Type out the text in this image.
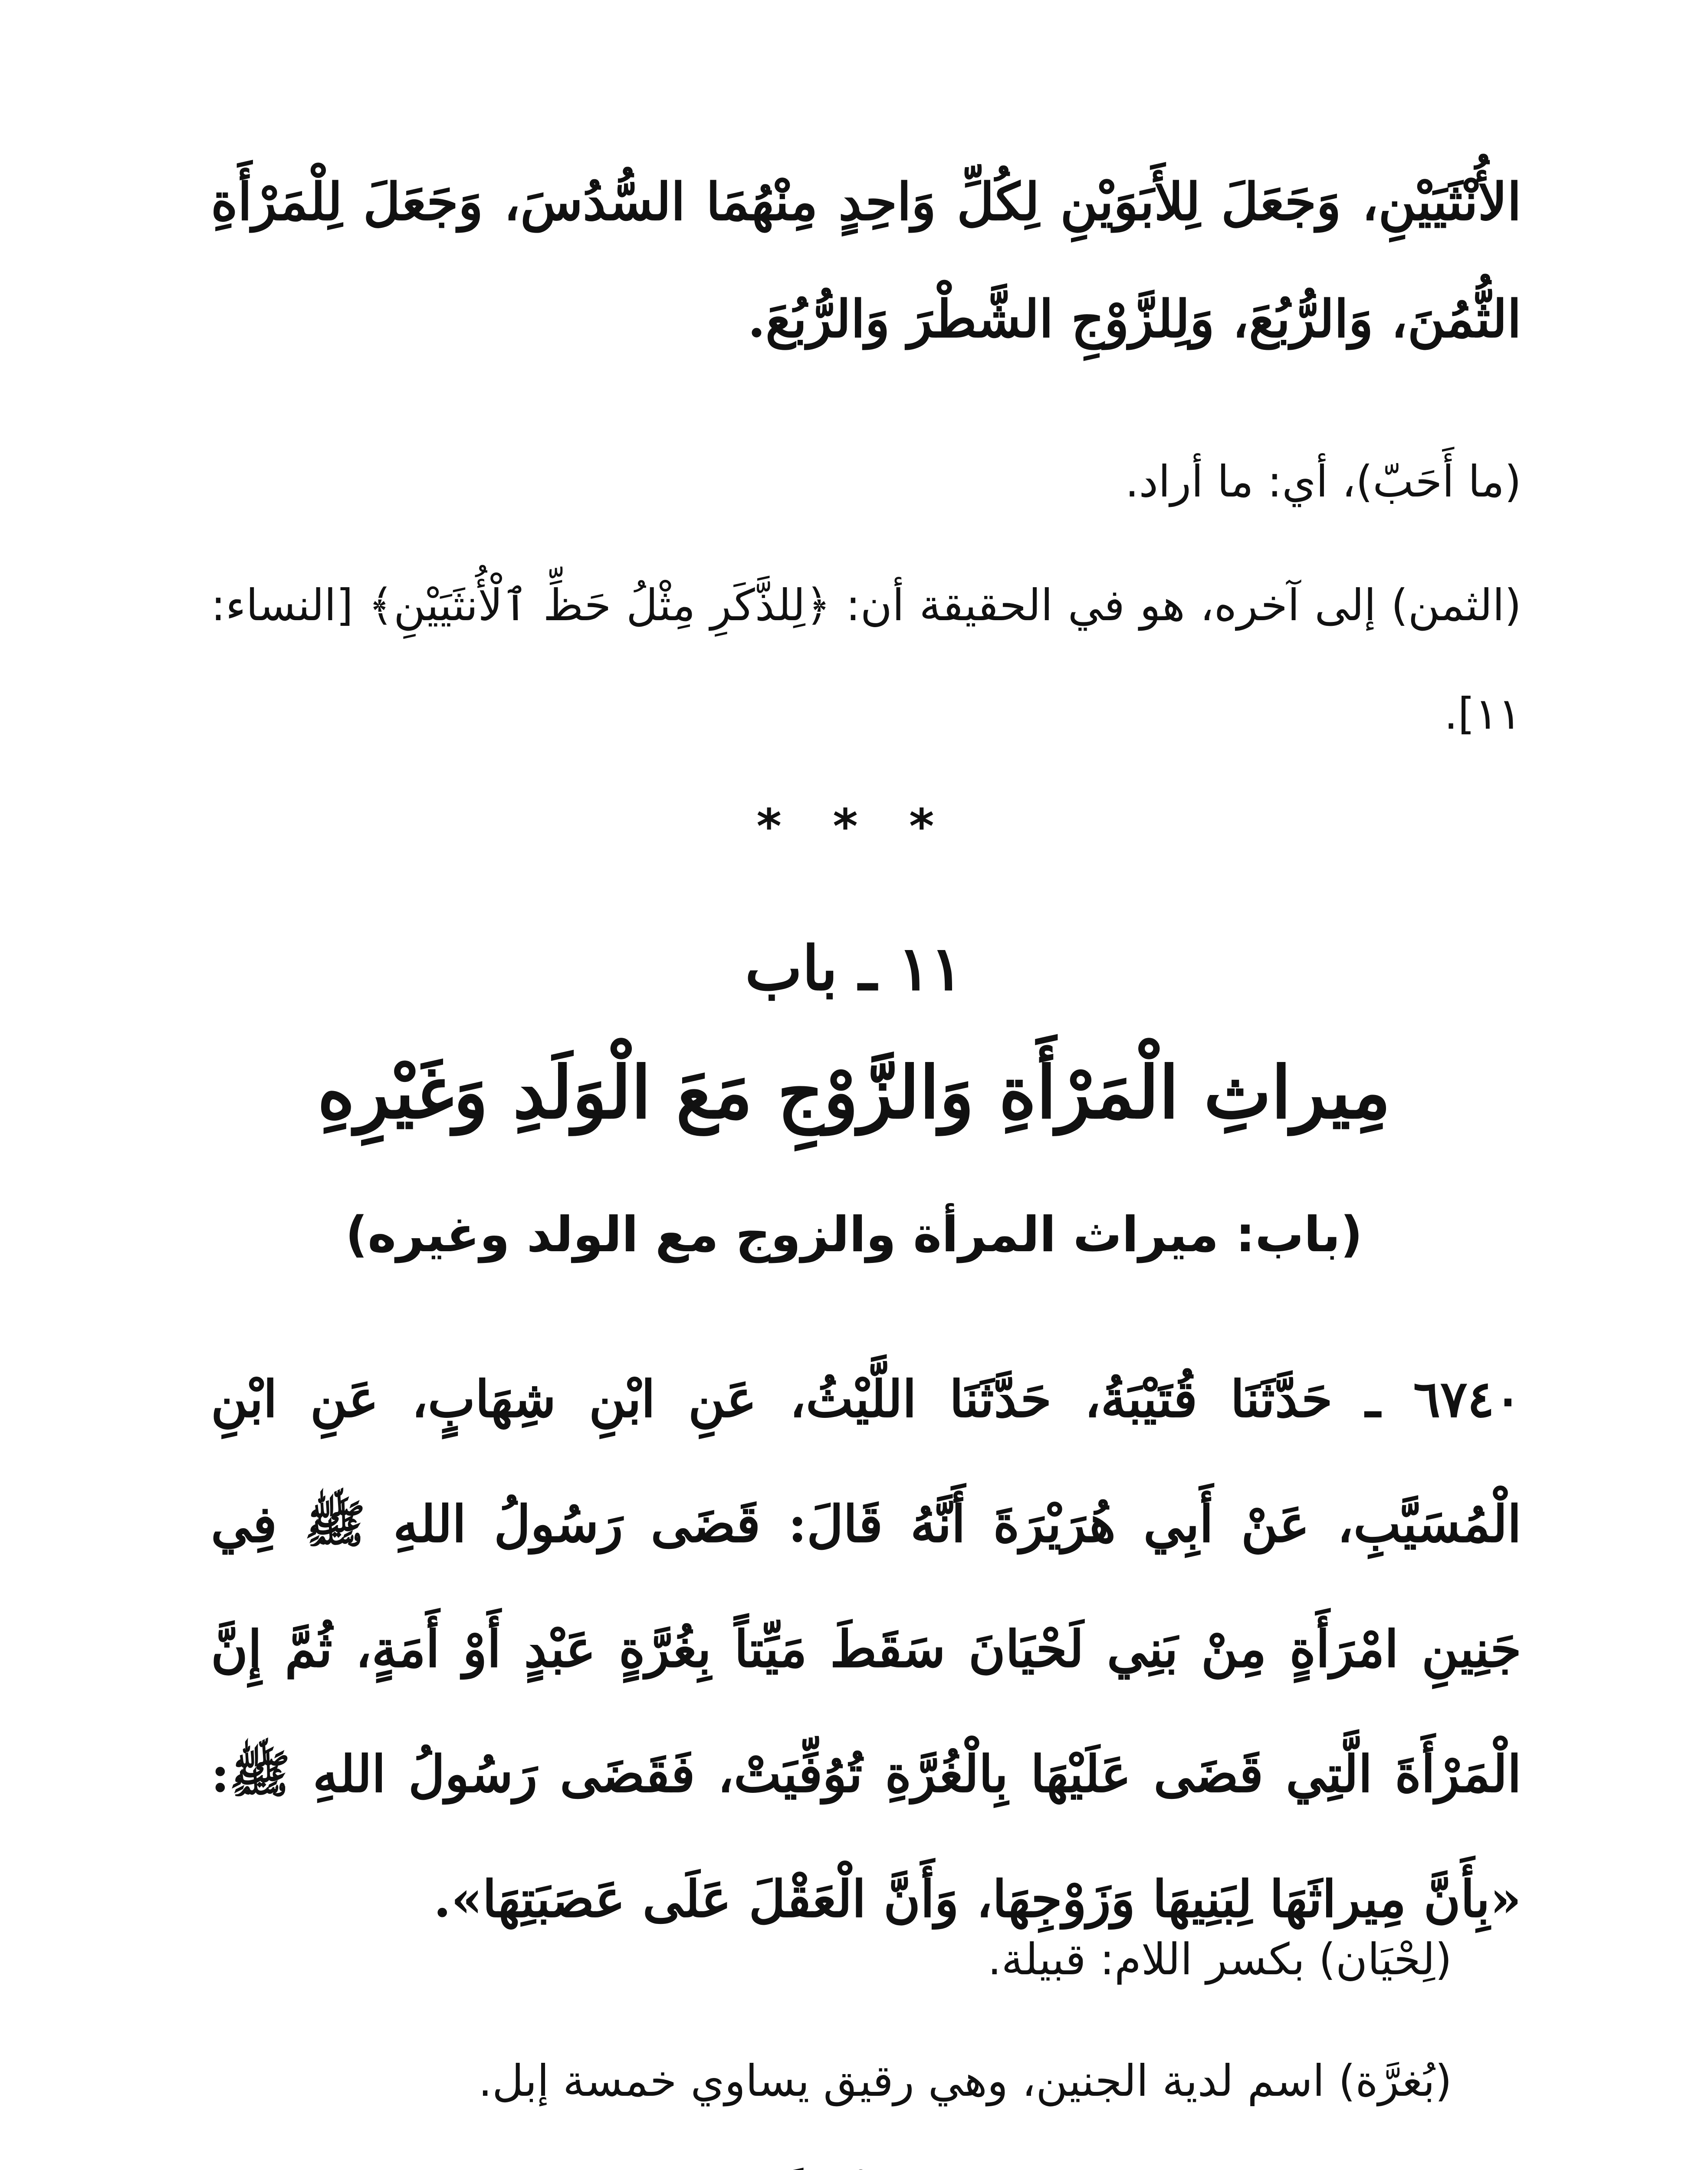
الأُنْثَيَيْنِ، وَجَعَلَ لِلأَبَوَيْنِ لِكُلِّ وَاحِدٍ مِنْهُمَا السُّدُسَ، وَجَعَلَ لِلْمَرْأَةِ الثُّمُنَ، وَالرُّبُعَ، وَلِلزَّوْجِ الشَّطْرَ وَالرُّبُعَ.
(ما أَحَبّ)، أي: ما أراد.
(الثمن) إلى آخره، هو في الحقيقة أن: ﴿لِلذَّكَرِ مِثْلُ حَظِّ ٱلْأُنثَيَيْنِ﴾ [النساء: ١١].
* * *
١١ ـ باب
مِيراثِ الْمَرْأَةِ وَالزَّوْجِ مَعَ الْوَلَدِ وَغَيْرِهِ
(باب: ميراث المرأة والزوج مع الولد وغيره)
٦٧٤٠ ـ حَدَّثَنَا قُتَيْبَةُ، حَدَّثَنَا اللَّيْثُ، عَنِ ابْنِ شِهَابٍ، عَنِ ابْنِ الْمُسَيَّبِ، عَنْ أَبِي هُرَيْرَةَ أَنَّهُ قَالَ: قَضَى رَسُولُ اللهِ ﷺ فِي جَنِينِ امْرَأَةٍ مِنْ بَنِي لَحْيَانَ سَقَطَ مَيِّتاً بِغُرَّةٍ عَبْدٍ أَوْ أَمَةٍ، ثُمَّ إِنَّ الْمَرْأَةَ الَّتِي قَضَى عَلَيْهَا بِالْغُرَّةِ تُوُفِّيَتْ، فَقَضَى رَسُولُ اللهِ ﷺ: «بِأَنَّ مِيراثَهَا لِبَنِيهَا وَزَوْجِهَا، وَأَنَّ الْعَقْلَ عَلَى عَصَبَتِهَا».
(لِحْيَان) بكسر اللام: قبيلة.
(بُغرَّة) اسم لدية الجنين، وهي رقيق يساوي خمسة إبل.
